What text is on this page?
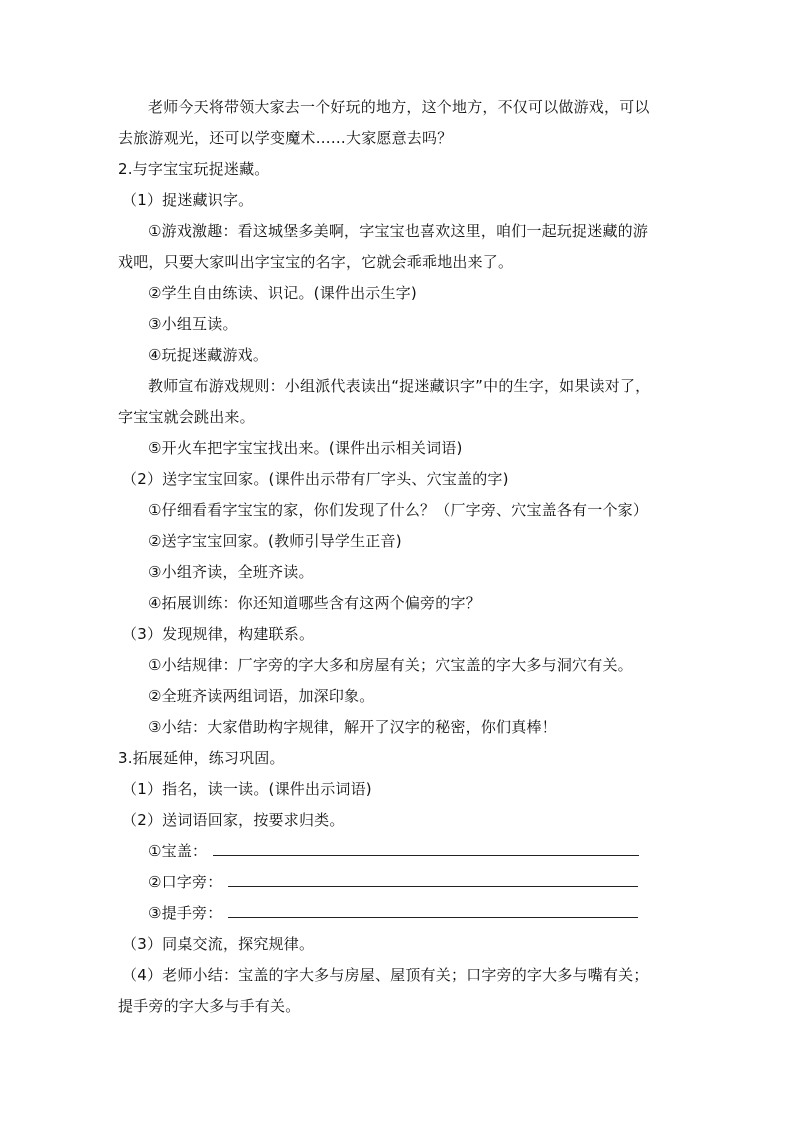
老师今天将带领大家去一个好玩的地方，这个地方，不仅可以做游戏，可以
去旅游观光，还可以学变魔术……大家愿意去吗？
2.与字宝宝玩捉迷藏。
（1）捉迷藏识字。
①游戏激趣：看这城堡多美啊，字宝宝也喜欢这里，咱们一起玩捉迷藏的游
戏吧，只要大家叫出字宝宝的名字，它就会乖乖地出来了。
②学生自由练读、识记。(课件出示生字)
③小组互读。
④玩捉迷藏游戏。
教师宣布游戏规则：小组派代表读出“捉迷藏识字”中的生字，如果读对了，
字宝宝就会跳出来。
⑤开火车把字宝宝找出来。(课件出示相关词语)
（2）送字宝宝回家。(课件出示带有厂字头、穴宝盖的字)
①仔细看看字宝宝的家，你们发现了什么？（厂字旁、穴宝盖各有一个家）
②送字宝宝回家。(教师引导学生正音)
③小组齐读，全班齐读。
④拓展训练：你还知道哪些含有这两个偏旁的字？
（3）发现规律，构建联系。
①小结规律：厂字旁的字大多和房屋有关；穴宝盖的字大多与洞穴有关。
②全班齐读两组词语，加深印象。
③小结：大家借助构字规律，解开了汉字的秘密，你们真棒！
3.拓展延伸，练习巩固。
（1）指名，读一读。(课件出示词语)
（2）送词语回家，按要求归类。
①宝盖：
②口字旁：
③提手旁：
（3）同桌交流，探究规律。
（4）老师小结：宝盖的字大多与房屋、屋顶有关；口字旁的字大多与嘴有关；
提手旁的字大多与手有关。
